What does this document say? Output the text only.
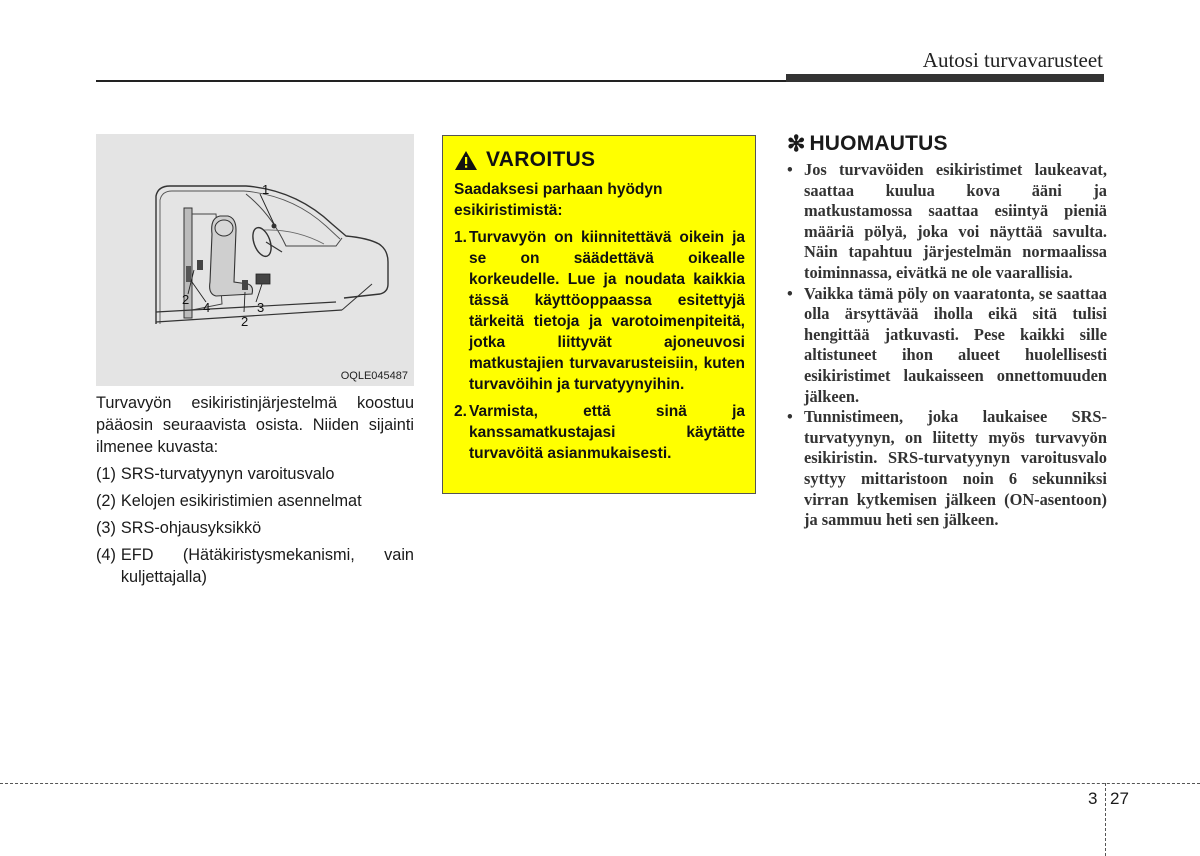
Autosi turvavarusteet
1
2
4
2
3
OQLE045487

Turvavyön esikiristinjärjestelmä koostuu pääosin seuraavista osista. Niiden sijainti ilmenee kuvasta:

(1) SRS-turvatyynyn varoitusvalo
(2) Kelojen esikiristimien asennelmat
(3) SRS-ohjausyksikkö
(4) EFD (Hätäkiristysmekanismi, vain kuljettajalla)
VAROITUS
Saadaksesi parhaan hyödyn esikiristimistä:
1. Turvavyön on kiinnitettävä oikein ja se on säädettävä oikealle korkeudelle. Lue ja noudata kaikkia tässä käyttöoppaassa esitettyjä tärkeitä tietoja ja varotoimenpiteitä, jotka liittyvät ajoneuvosi matkustajien turvavarusteisiin, kuten turvavöihin ja turvatyynyihin.
2. Varmista, että sinä ja kanssamatkustajasi käytätte turvavöitä asianmukaisesti.
✻ HUOMAUTUS
• Jos turvavöiden esikiristimet laukeavat, saattaa kuulua kova ääni ja matkustamossa saattaa esiintyä pieniä määriä pölyä, joka voi näyttää savulta. Näin tapahtuu järjestelmän normaalissa toiminnassa, eivätkä ne ole vaarallisia.
• Vaikka tämä pöly on vaaratonta, se saattaa olla ärsyttävää iholla eikä sitä tulisi hengittää jatkuvasti. Pese kaikki sille altistuneet ihon alueet huolellisesti esikiristimet laukaisseen onnettomuuden jälkeen.
• Tunnistimeen, joka laukaisee SRS-turvatyynyn, on liitetty myös turvavyön esikiristin. SRS-turvatyynyn varoitusvalo syttyy mittaristoon noin 6 sekunniksi virran kytkemisen jälkeen (ON-asentoon) ja sammuu heti sen jälkeen.
3 27
